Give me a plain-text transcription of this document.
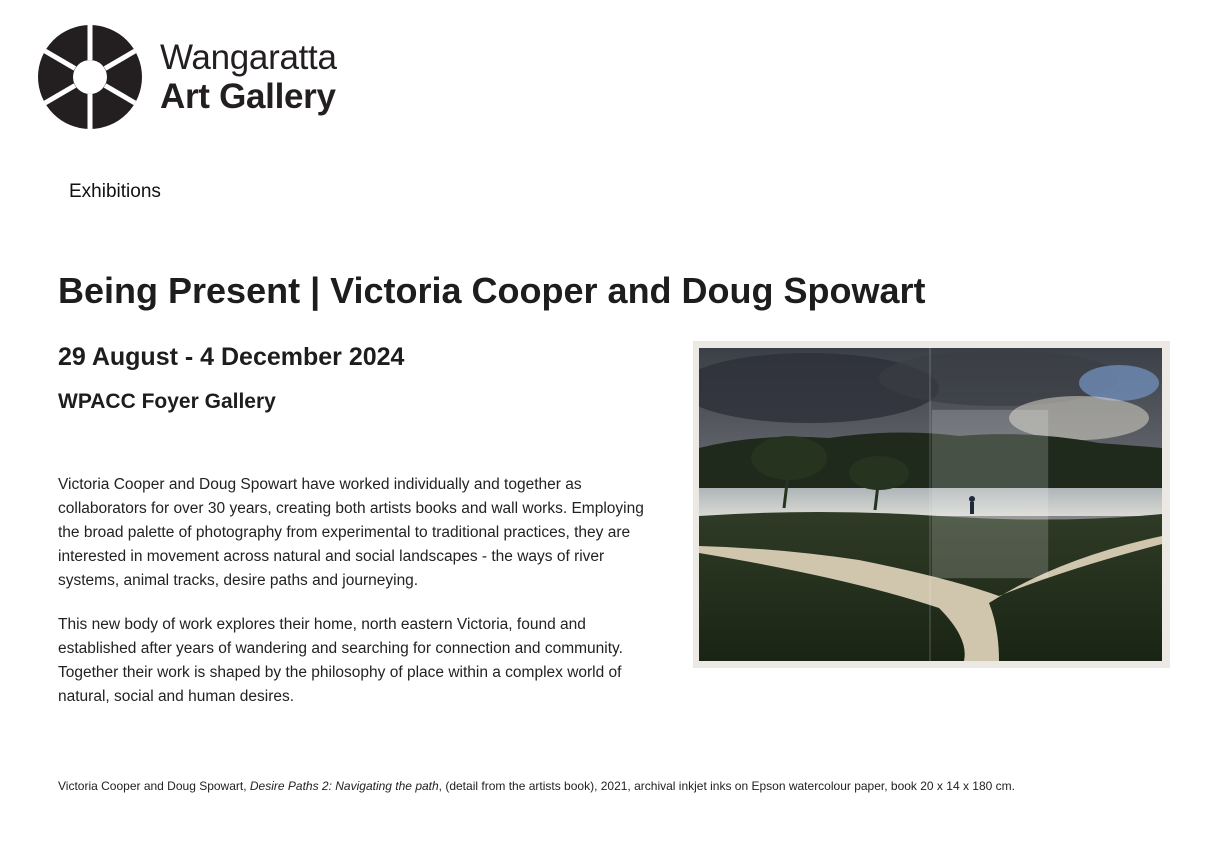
Wangaratta
Art Gallery
Exhibitions
Being Present | Victoria Cooper and Doug Spowart
29 August - 4 December 2024
WPACC Foyer Gallery

Victoria Cooper and Doug Spowart have worked individually and together as collaborators for over 30 years, creating both artists books and wall works. Employing the broad palette of photography from experimental to traditional practices, they are interested in movement across natural and social landscapes - the ways of river systems, animal tracks, desire paths and journeying.

This new body of work explores their home, north eastern Victoria, found and established after years of wandering and searching for connection and community. Together their work is shaped by the philosophy of place within a complex world of natural, social and human desires.

Victoria Cooper and Doug Spowart, Desire Paths 2: Navigating the path, (detail from the artists book), 2021, archival inkjet inks on Epson watercolour paper, book 20 x 14 x 180 cm.
